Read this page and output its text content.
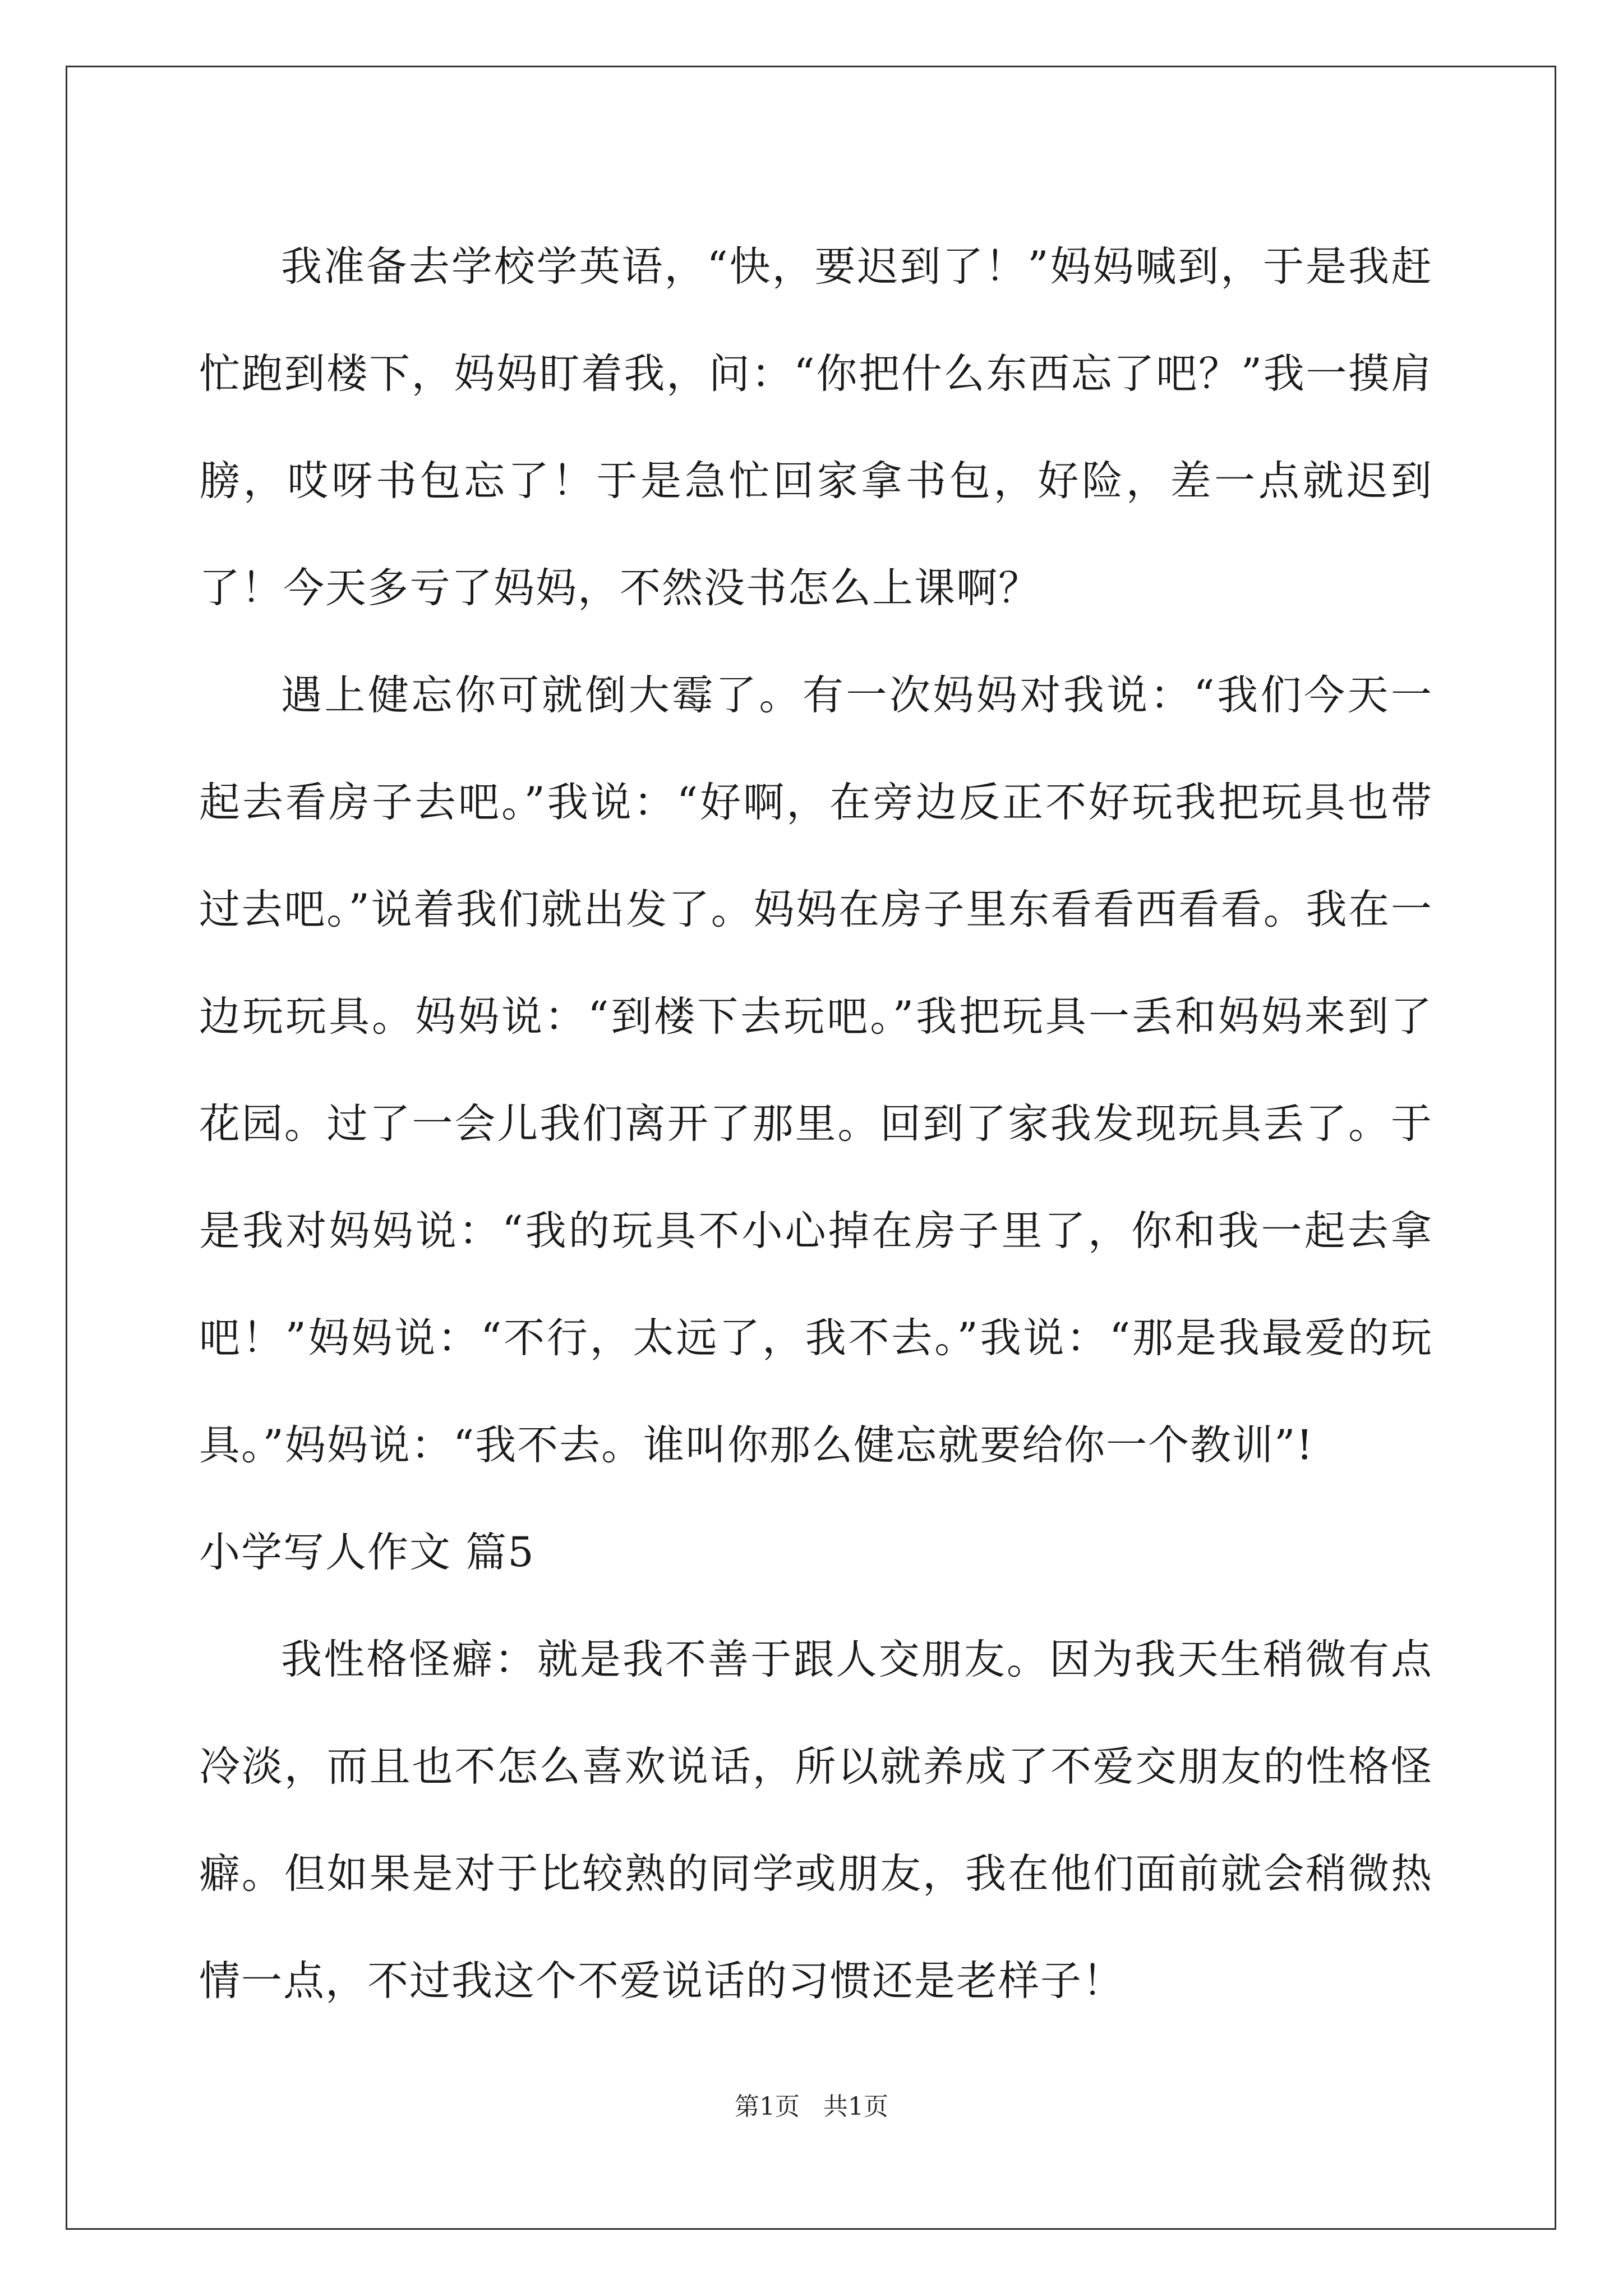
我准备去学校学英语，“快，要迟到了！”妈妈喊到，于是我赶忙跑到楼下，妈妈盯着我，问：“你把什么东西忘了吧？”我一摸肩膀，哎呀书包忘了！于是急忙回家拿书包，好险，差一点就迟到了！今天多亏了妈妈，不然没书怎么上课啊？

遇上健忘你可就倒大霉了。有一次妈妈对我说：“我们今天一起去看房子去吧。”我说：“好啊，在旁边反正不好玩我把玩具也带过去吧。”说着我们就出发了。妈妈在房子里东看看西看看。我在一边玩玩具。妈妈说：“到楼下去玩吧。”我把玩具一丢和妈妈来到了花园。过了一会儿我们离开了那里。回到了家我发现玩具丢了。于是我对妈妈说：“我的玩具不小心掉在房子里了，你和我一起去拿吧！”妈妈说：“不行，太远了，我不去。”我说：“那是我最爱的玩具。”妈妈说：“我不去。谁叫你那么健忘就要给你一个教训”!

小学写人作文 篇5

我性格怪癖：就是我不善于跟人交朋友。因为我天生稍微有点冷淡，而且也不怎么喜欢说话，所以就养成了不爱交朋友的性格怪癖。但如果是对于比较熟的同学或朋友，我在他们面前就会稍微热情一点，不过我这个不爱说话的习惯还是老样子！

第1页 共1页
